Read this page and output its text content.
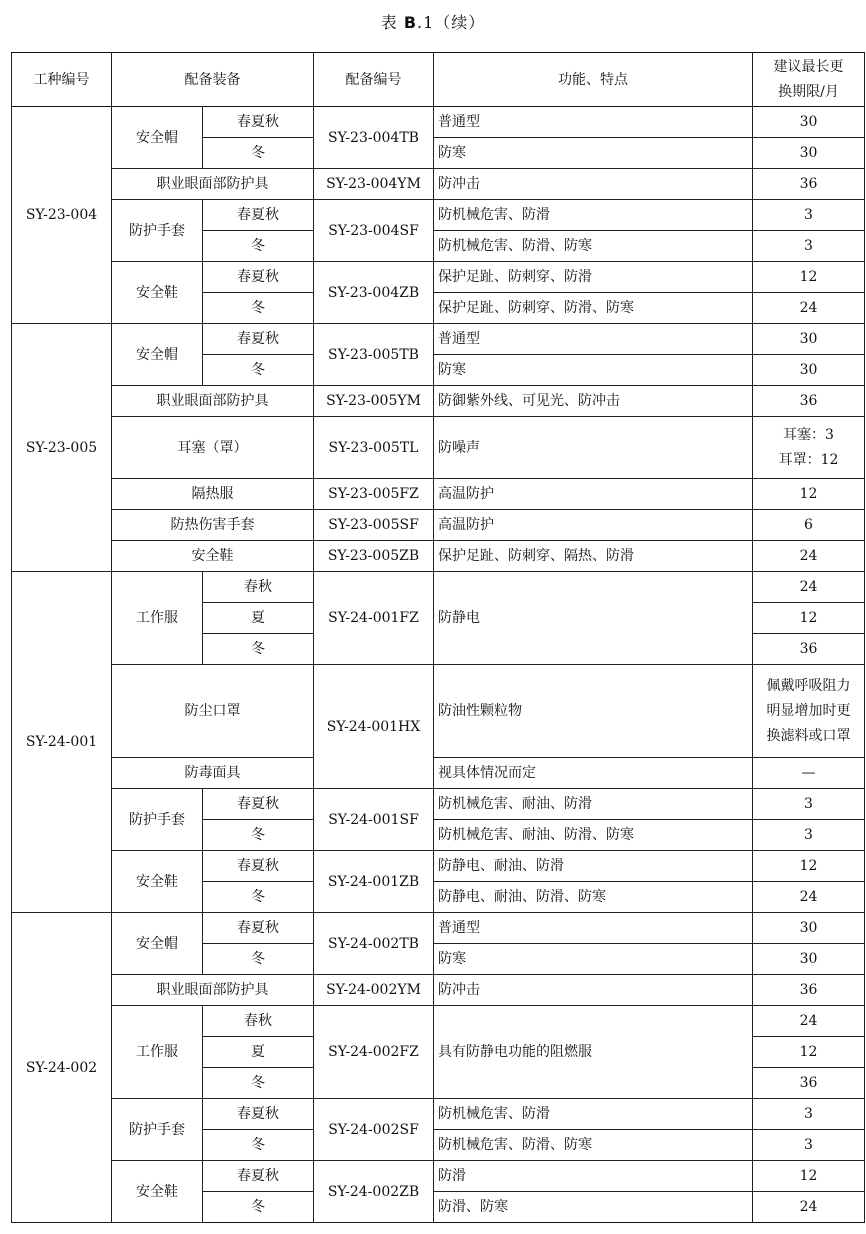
表 B.1（续）
工种编号	配备装备		配备编号	功能、特点	建议最长更
换期限/月
SY-23-004	安全帽	春夏秋	SY-23-004TB	普通型	30
		冬		防寒	30
	职业眼面部防护具		SY-23-004YM	防冲击	36
	防护手套	春夏秋	SY-23-004SF	防机械危害、防滑	3
		冬		防机械危害、防滑、防寒	3
	安全鞋	春夏秋	SY-23-004ZB	保护足趾、防刺穿、防滑	12
		冬		保护足趾、防刺穿、防滑、防寒	24
SY-23-005	安全帽	春夏秋	SY-23-005TB	普通型	30
		冬		防寒	30
	职业眼面部防护具		SY-23-005YM	防御紫外线、可见光、防冲击	36
	耳塞（罩）		SY-23-005TL	防噪声	耳塞：3
耳罩：12
	隔热服		SY-23-005FZ	高温防护	12
	防热伤害手套		SY-23-005SF	高温防护	6
	安全鞋		SY-23-005ZB	保护足趾、防刺穿、隔热、防滑	24
SY-24-001	工作服	春秋	SY-24-001FZ	防静电	24
		夏			12
		冬			36
	防尘口罩		SY-24-001HX	防油性颗粒物	佩戴呼吸阻力
明显增加时更
换滤料或口罩
	防毒面具			视具体情况而定	—
	防护手套	春夏秋	SY-24-001SF	防机械危害、耐油、防滑	3
		冬		防机械危害、耐油、防滑、防寒	3
	安全鞋	春夏秋	SY-24-001ZB	防静电、耐油、防滑	12
		冬		防静电、耐油、防滑、防寒	24
SY-24-002	安全帽	春夏秋	SY-24-002TB	普通型	30
		冬		防寒	30
	职业眼面部防护具		SY-24-002YM	防冲击	36
	工作服	春秋	SY-24-002FZ	具有防静电功能的阻燃服	24
		夏			12
		冬			36
	防护手套	春夏秋	SY-24-002SF	防机械危害、防滑	3
		冬		防机械危害、防滑、防寒	3
	安全鞋	春夏秋	SY-24-002ZB	防滑	12
		冬		防滑、防寒	24
